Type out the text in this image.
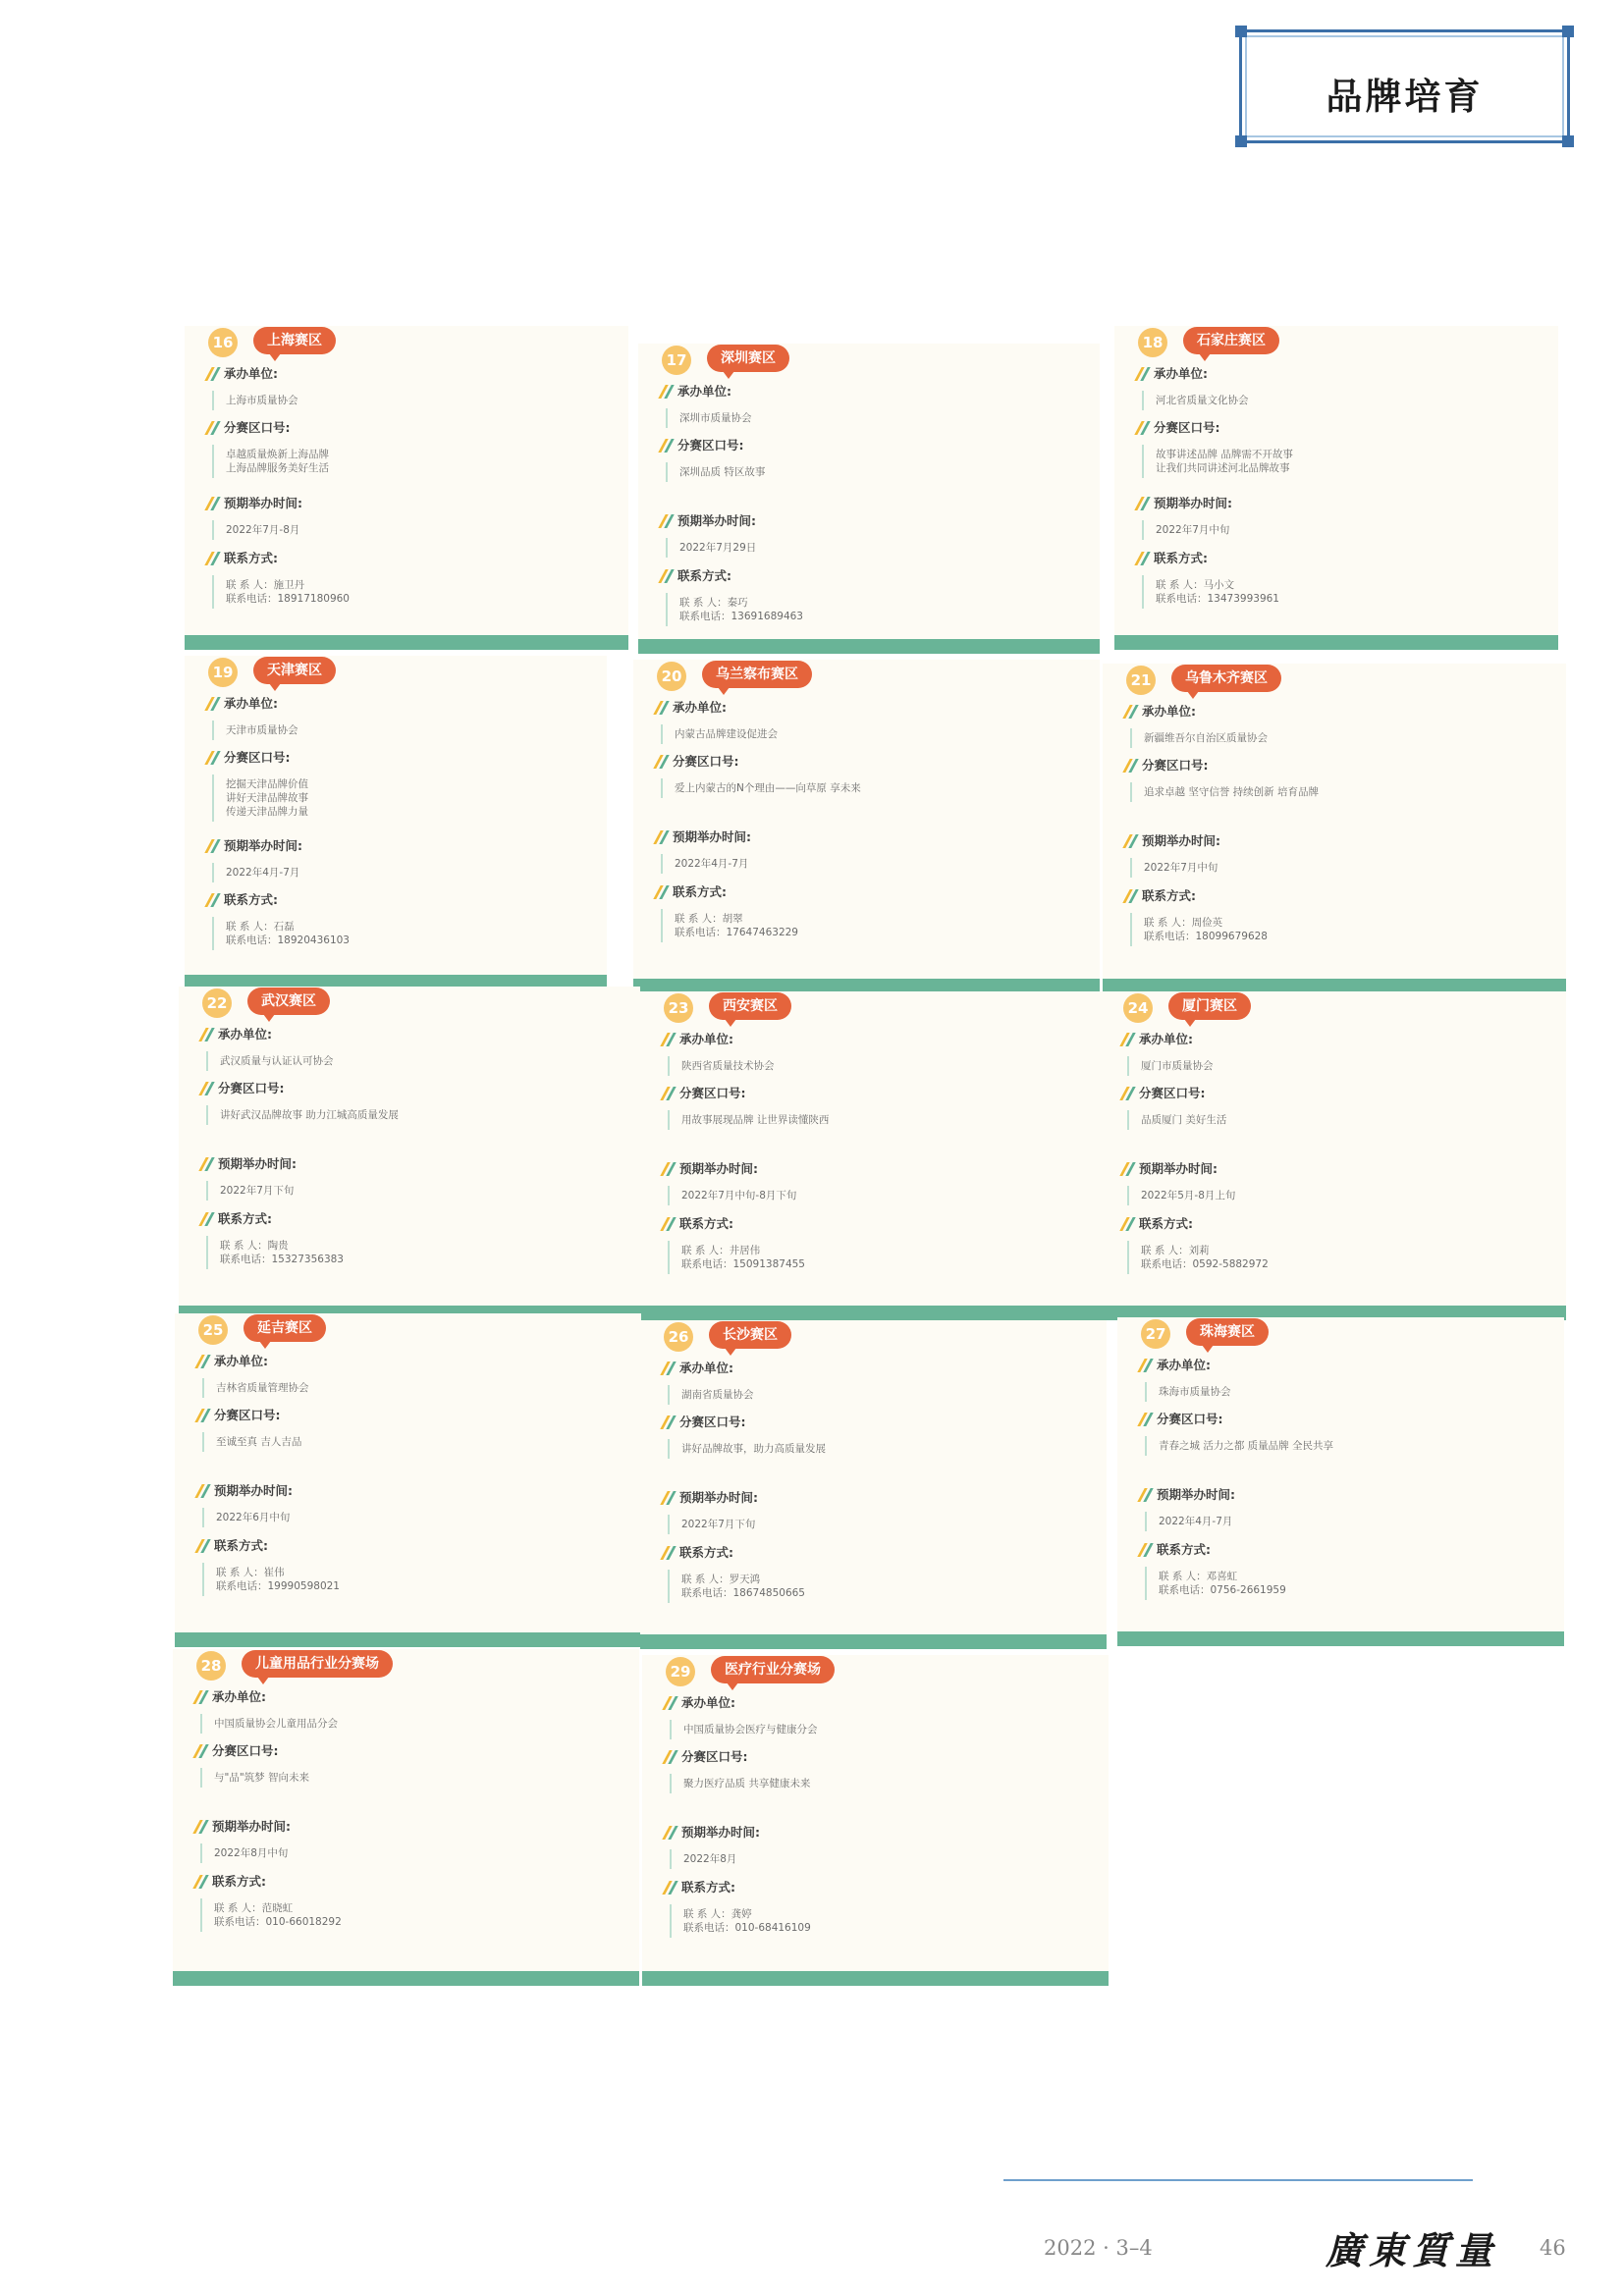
品牌培育
16	上海赛区
承办单位:
上海市质量协会
分赛区口号:
卓越质量焕新上海品牌
上海品牌服务美好生活
预期举办时间:
2022年7月-8月
联系方式:
联 系 人：施卫丹
联系电话：18917180960
17	深圳赛区
承办单位:
深圳市质量协会
分赛区口号:
深圳品质 特区故事
预期举办时间:
2022年7月29日
联系方式:
联 系 人：秦巧
联系电话：13691689463
18	石家庄赛区
承办单位:
河北省质量文化协会
分赛区口号:
故事讲述品牌 品牌需不开故事
让我们共同讲述河北品牌故事
预期举办时间:
2022年7月中旬
联系方式:
联 系 人：马小文
联系电话：13473993961
19	天津赛区
承办单位:
天津市质量协会
分赛区口号:
挖掘天津品牌价值
讲好天津品牌故事
传递天津品牌力量
预期举办时间:
2022年4月-7月
联系方式:
联 系 人：石磊
联系电话：18920436103
20	乌兰察布赛区
承办单位:
内蒙古品牌建设促进会
分赛区口号:
爱上内蒙古的N个理由——向草原 享未来
预期举办时间:
2022年4月-7月
联系方式:
联 系 人：胡翠
联系电话：17647463229
21	乌鲁木齐赛区
承办单位:
新疆维吾尔自治区质量协会
分赛区口号:
追求卓越 坚守信誉 持续创新 培育品牌
预期举办时间:
2022年7月中旬
联系方式:
联 系 人：周俭英
联系电话：18099679628
22	武汉赛区
承办单位:
武汉质量与认证认可协会
分赛区口号:
讲好武汉品牌故事 助力江城高质量发展
预期举办时间:
2022年7月下旬
联系方式:
联 系 人：陶贵
联系电话：15327356383
23	西安赛区
承办单位:
陕西省质量技术协会
分赛区口号:
用故事展现品牌 让世界读懂陕西
预期举办时间:
2022年7月中旬-8月下旬
联系方式:
联 系 人：井居伟
联系电话：15091387455
24	厦门赛区
承办单位:
厦门市质量协会
分赛区口号:
品质厦门 美好生活
预期举办时间:
2022年5月-8月上旬
联系方式:
联 系 人：刘莉
联系电话：0592-5882972
25	延吉赛区
承办单位:
吉林省质量管理协会
分赛区口号:
至诚至真 吉人吉品
预期举办时间:
2022年6月中旬
联系方式:
联 系 人：崔伟
联系电话：19990598021
26	长沙赛区
承办单位:
湖南省质量协会
分赛区口号:
讲好品牌故事，助力高质量发展
预期举办时间:
2022年7月下旬
联系方式:
联 系 人：罗天鸿
联系电话：18674850665
27	珠海赛区
承办单位:
珠海市质量协会
分赛区口号:
青春之城 活力之都 质量品牌 全民共享
预期举办时间:
2022年4月-7月
联系方式:
联 系 人：邓喜虹
联系电话：0756-2661959
28	儿童用品行业分赛场
承办单位:
中国质量协会儿童用品分会
分赛区口号:
与"品"筑梦 智向未来
预期举办时间:
2022年8月中旬
联系方式:
联 系 人：范晓虹
联系电话：010-66018292
29	医疗行业分赛场
承办单位:
中国质量协会医疗与健康分会
分赛区口号:
聚力医疗品质 共享健康未来
预期举办时间:
2022年8月
联系方式:
联 系 人：龚婷
联系电话：010-68416109
2022 · 3–4	廣東質量 46
